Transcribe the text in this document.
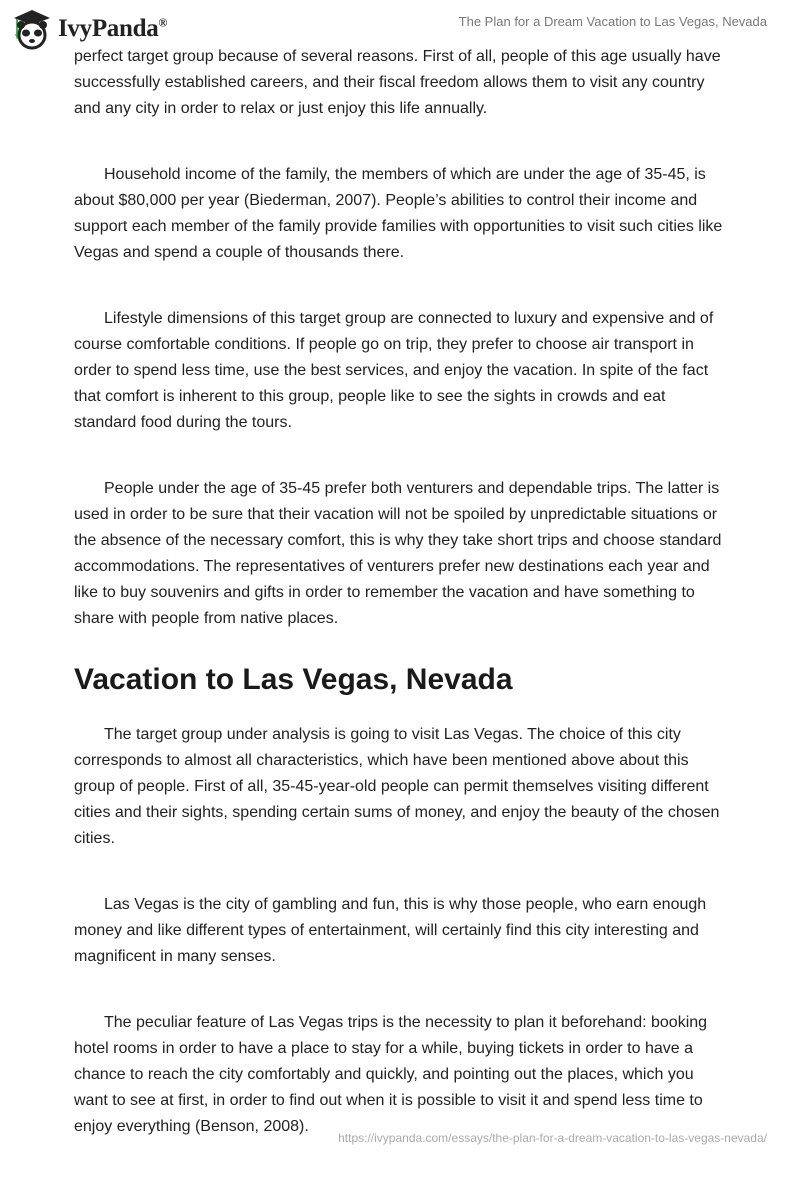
IvyPanda®	The Plan for a Dream Vacation to Las Vegas, Nevada

perfect target group because of several reasons. First of all, people of this age usually have successfully established careers, and their fiscal freedom allows them to visit any country and any city in order to relax or just enjoy this life annually.

Household income of the family, the members of which are under the age of 35-45, is about $80,000 per year (Biederman, 2007). People’s abilities to control their income and support each member of the family provide families with opportunities to visit such cities like Vegas and spend a couple of thousands there.

Lifestyle dimensions of this target group are connected to luxury and expensive and of course comfortable conditions. If people go on trip, they prefer to choose air transport in order to spend less time, use the best services, and enjoy the vacation. In spite of the fact that comfort is inherent to this group, people like to see the sights in crowds and eat standard food during the tours.

People under the age of 35-45 prefer both venturers and dependable trips. The latter is used in order to be sure that their vacation will not be spoiled by unpredictable situations or the absence of the necessary comfort, this is why they take short trips and choose standard accommodations. The representatives of venturers prefer new destinations each year and like to buy souvenirs and gifts in order to remember the vacation and have something to share with people from native places.

Vacation to Las Vegas, Nevada

The target group under analysis is going to visit Las Vegas. The choice of this city corresponds to almost all characteristics, which have been mentioned above about this group of people. First of all, 35-45-year-old people can permit themselves visiting different cities and their sights, spending certain sums of money, and enjoy the beauty of the chosen cities.

Las Vegas is the city of gambling and fun, this is why those people, who earn enough money and like different types of entertainment, will certainly find this city interesting and magnificent in many senses.

The peculiar feature of Las Vegas trips is the necessity to plan it beforehand: booking hotel rooms in order to have a place to stay for a while, buying tickets in order to have a chance to reach the city comfortably and quickly, and pointing out the places, which you want to see at first, in order to find out when it is possible to visit it and spend less time to enjoy everything (Benson, 2008).

https://ivypanda.com/essays/the-plan-for-a-dream-vacation-to-las-vegas-nevada/
